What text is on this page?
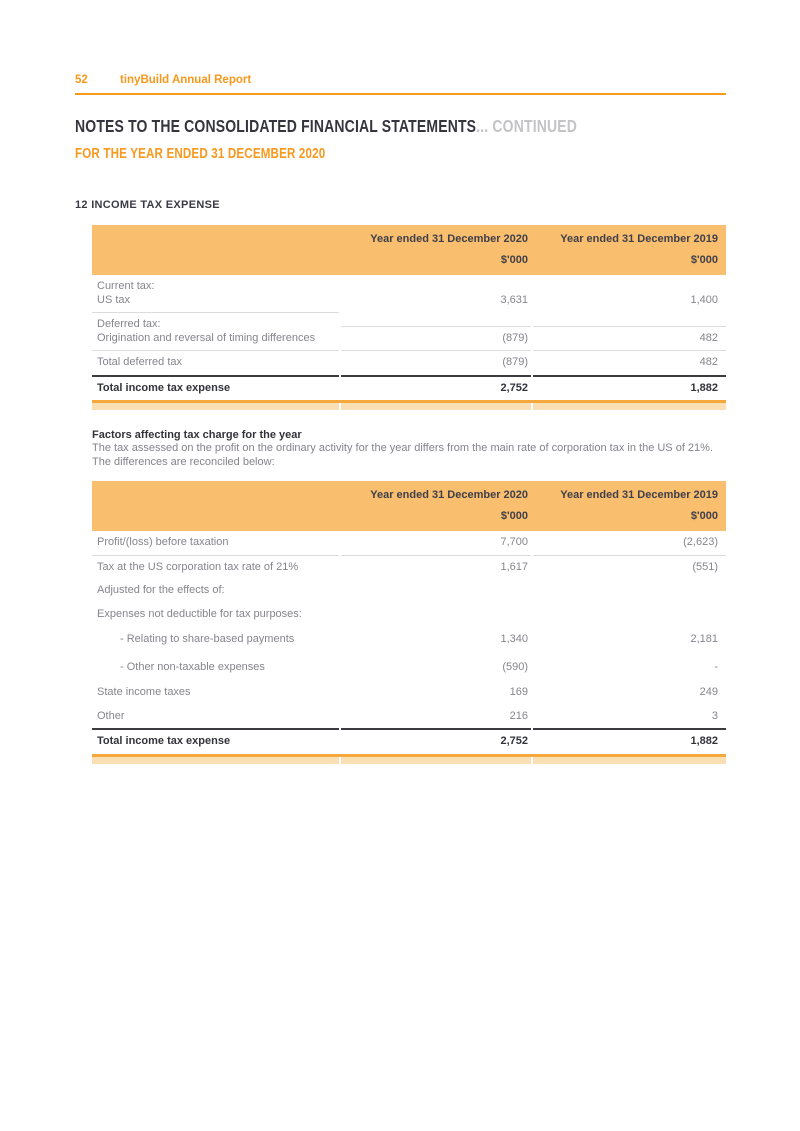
52	tinyBuild Annual Report
NOTES TO THE CONSOLIDATED FINANCIAL STATEMENTS... CONTINUED
FOR THE YEAR ENDED 31 DECEMBER 2020
12 INCOME TAX EXPENSE
Year ended 31 December 2020	Year ended 31 December 2019
$'000	$'000
Current tax:
US tax	3,631	1,400
Deferred tax:
Origination and reversal of timing differences	(879)	482
Total deferred tax	(879)	482
Total income tax expense	2,752	1,882
Factors affecting tax charge for the year
The tax assessed on the profit on the ordinary activity for the year differs from the main rate of corporation tax in the US of 21%.
The differences are reconciled below:
Year ended 31 December 2020	Year ended 31 December 2019
$'000	$'000
Profit/(loss) before taxation	7,700	(2,623)
Tax at the US corporation tax rate of 21%	1,617	(551)
Adjusted for the effects of:
Expenses not deductible for tax purposes:
- Relating to share-based payments	1,340	2,181
- Other non-taxable expenses	(590)	-
State income taxes	169	249
Other	216	3
Total income tax expense	2,752	1,882
